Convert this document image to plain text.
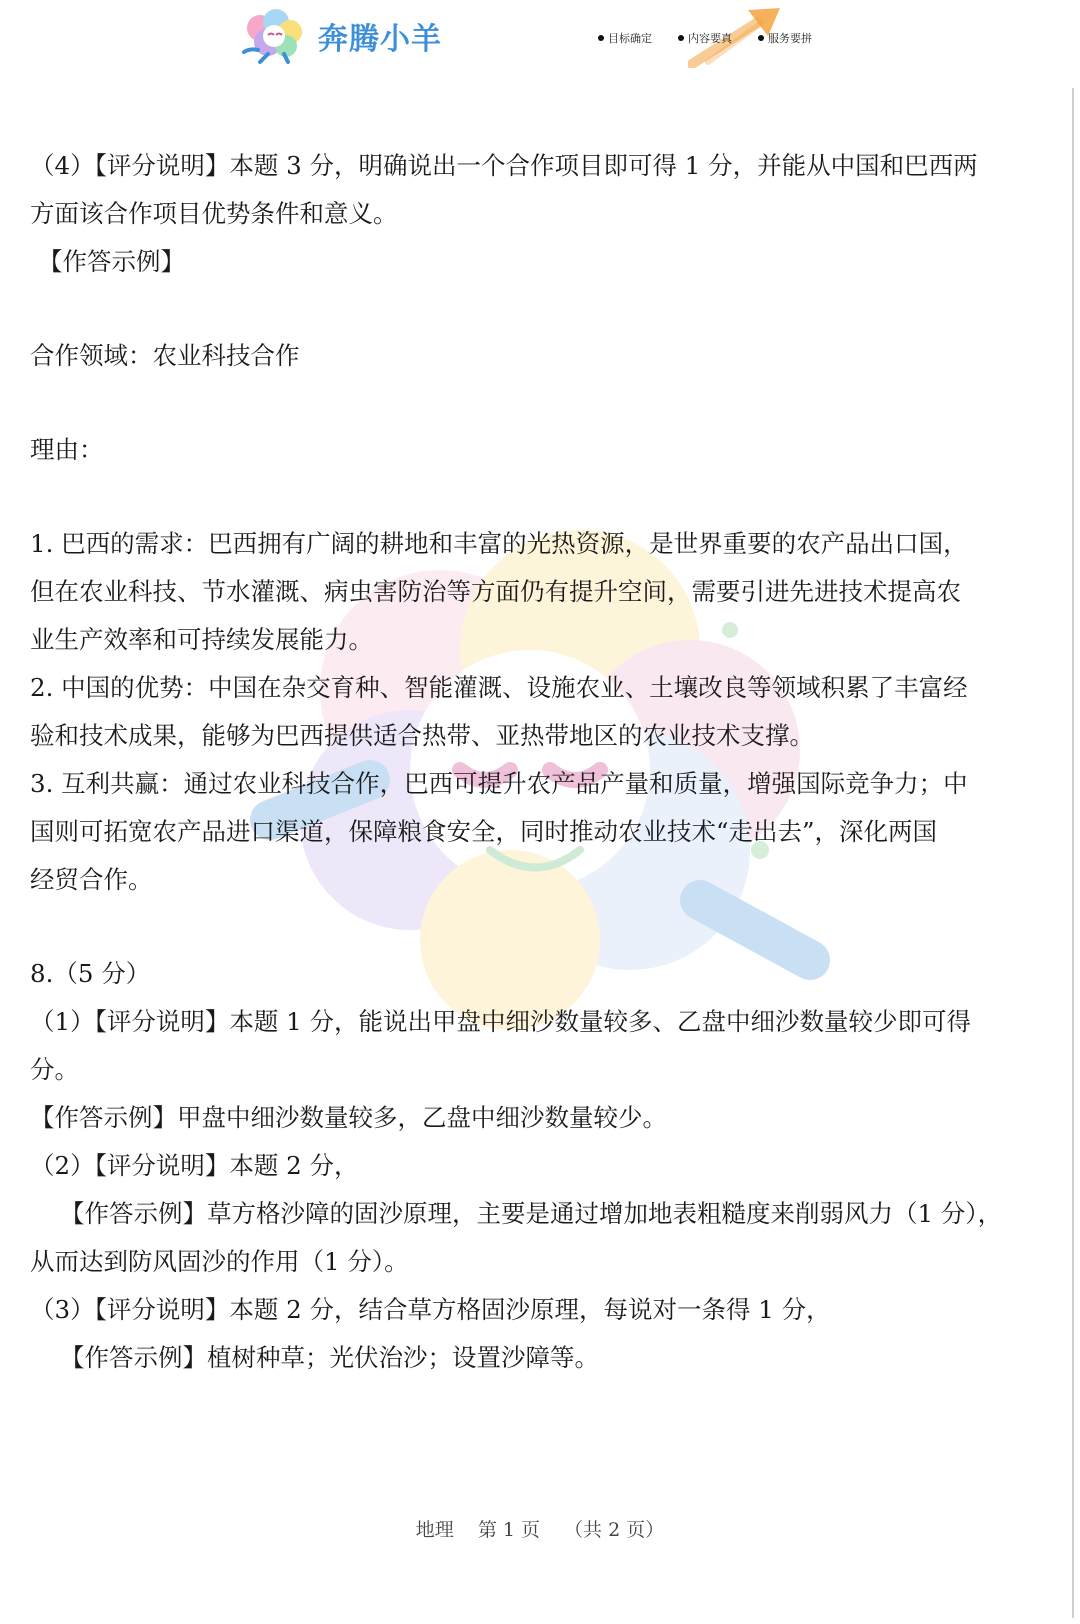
奔腾小羊	目标确定	内容要真	服务要拼
（4）【评分说明】本题 3 分，明确说出一个合作项目即可得 1 分，并能从中国和巴西两
方面该合作项目优势条件和意义。
【作答示例】
合作领域：农业科技合作
理由：
1. 巴西的需求：巴西拥有广阔的耕地和丰富的光热资源，是世界重要的农产品出口国，
但在农业科技、节水灌溉、病虫害防治等方面仍有提升空间，需要引进先进技术提高农
业生产效率和可持续发展能力。
2. 中国的优势：中国在杂交育种、智能灌溉、设施农业、土壤改良等领域积累了丰富经
验和技术成果，能够为巴西提供适合热带、亚热带地区的农业技术支撑。
3. 互利共赢：通过农业科技合作，巴西可提升农产品产量和质量，增强国际竞争力；中
国则可拓宽农产品进口渠道，保障粮食安全，同时推动农业技术“走出去”，深化两国
经贸合作。
8.（5 分）
（1）【评分说明】本题 1 分，能说出甲盘中细沙数量较多、乙盘中细沙数量较少即可得
分。
【作答示例】甲盘中细沙数量较多，乙盘中细沙数量较少。
（2）【评分说明】本题 2 分，
【作答示例】草方格沙障的固沙原理，主要是通过增加地表粗糙度来削弱风力（1 分），
从而达到防风固沙的作用（1 分）。
（3）【评分说明】本题 2 分，结合草方格固沙原理，每说对一条得 1 分，
【作答示例】植树种草；光伏治沙；设置沙障等。
地理 第 1 页 （共 2 页）
